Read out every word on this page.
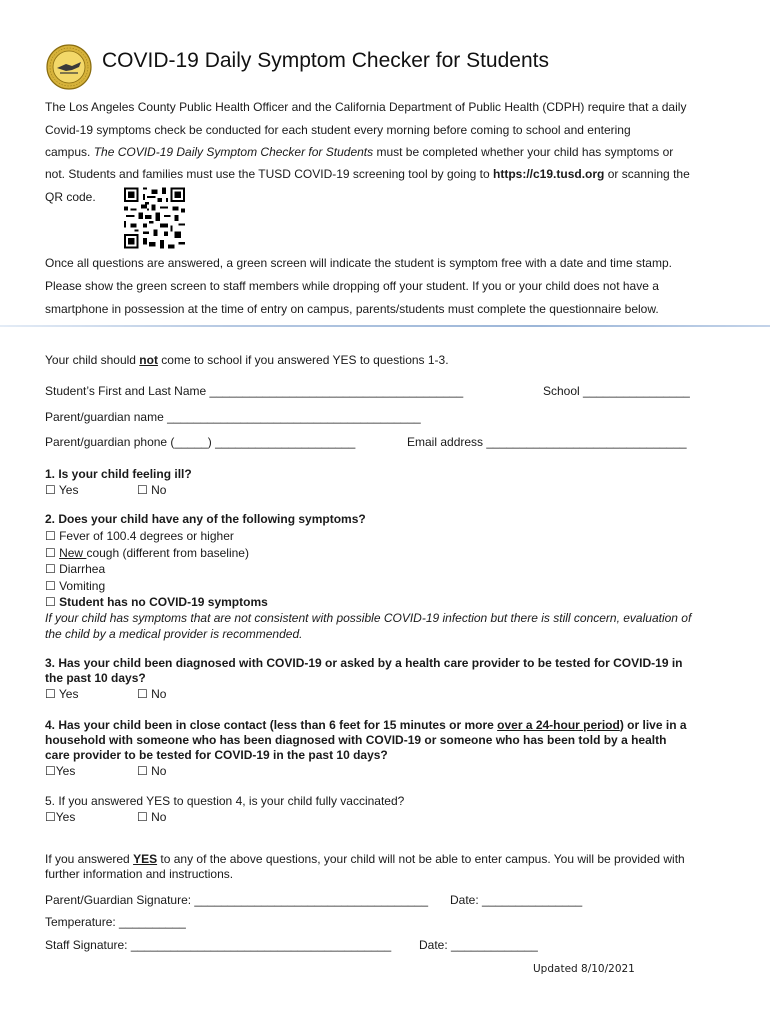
COVID-19 Daily Symptom Checker for Students
The Los Angeles County Public Health Officer and the California Department of Public Health (CDPH) require that a daily
Covid-19 symptoms check be conducted for each student every morning before coming to school and entering
campus. The COVID-19 Daily Symptom Checker for Students must be completed whether your child has symptoms or
not. Students and families must use the TUSD COVID-19 screening tool by going to https://c19.tusd.org or scanning the
QR code.
Once all questions are answered, a green screen will indicate the student is symptom free with a date and time stamp.
Please show the green screen to staff members while dropping off your student. If you or your child does not have a
smartphone in possession at the time of entry on campus, parents/students must complete the questionnaire below.
Your child should not come to school if you answered YES to questions 1-3.
Student’s First and Last Name ______________________________________	School ________________
Parent/guardian name ______________________________________
Parent/guardian phone (_____) _____________________	Email address ______________________________
1. Is your child feeling ill?
☐ Yes	☐ No
2. Does your child have any of the following symptoms?
☐ Fever of 100.4 degrees or higher
☐ New cough (different from baseline)
☐ Diarrhea
☐ Vomiting
☐ Student has no COVID-19 symptoms
If your child has symptoms that are not consistent with possible COVID-19 infection but there is still concern, evaluation of
the child by a medical provider is recommended.
3. Has your child been diagnosed with COVID-19 or asked by a health care provider to be tested for COVID-19 in
the past 10 days?
☐ Yes	☐ No
4. Has your child been in close contact (less than 6 feet for 15 minutes or more over a 24-hour period) or live in a
household with someone who has been diagnosed with COVID-19 or someone who has been told by a health
care provider to be tested for COVID-19 in the past 10 days?
☐Yes	☐ No
5. If you answered YES to question 4, is your child fully vaccinated?
☐Yes	☐ No
If you answered YES to any of the above questions, your child will not be able to enter campus. You will be provided with
further information and instructions.
Parent/Guardian Signature: ___________________________________ Date: _______________
Temperature: __________
Staff Signature: _______________________________________ Date: _____________
Updated 8/10/2021
